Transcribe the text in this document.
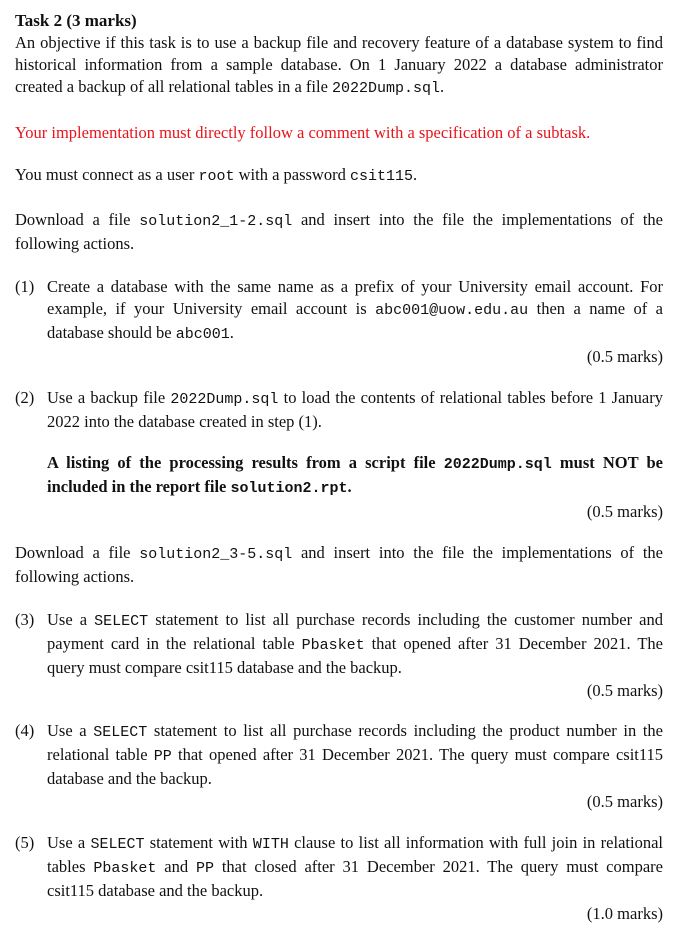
Task 2 (3 marks)

An objective if this task is to use a backup file and recovery feature of a database system to find historical information from a sample database. On 1 January 2022 a database administrator created a backup of all relational tables in a file 2022Dump.sql.

Your implementation must directly follow a comment with a specification of a subtask.

You must connect as a user root with a password csit115.

Download a file solution2_1-2.sql and insert into the file the implementations of the following actions.

(1) Create a database with the same name as a prefix of your University email account. For example, if your University email account is abc001@uow.edu.au then a name of a database should be abc001.
(0.5 marks)
(2) Use a backup file 2022Dump.sql to load the contents of relational tables before 1 January 2022 into the database created in step (1).
A listing of the processing results from a script file 2022Dump.sql must NOT be included in the report file solution2.rpt.
(0.5 marks)

Download a file solution2_3-5.sql and insert into the file the implementations of the following actions.

(3) Use a SELECT statement to list all purchase records including the customer number and payment card in the relational table Pbasket that opened after 31 December 2021. The query must compare csit115 database and the backup.
(0.5 marks)
(4) Use a SELECT statement to list all purchase records including the product number in the relational table PP that opened after 31 December 2021. The query must compare csit115 database and the backup.
(0.5 marks)
(5) Use a SELECT statement with WITH clause to list all information with full join in relational tables Pbasket and PP that closed after 31 December 2021. The query must compare csit115 database and the backup.
(1.0 marks)
